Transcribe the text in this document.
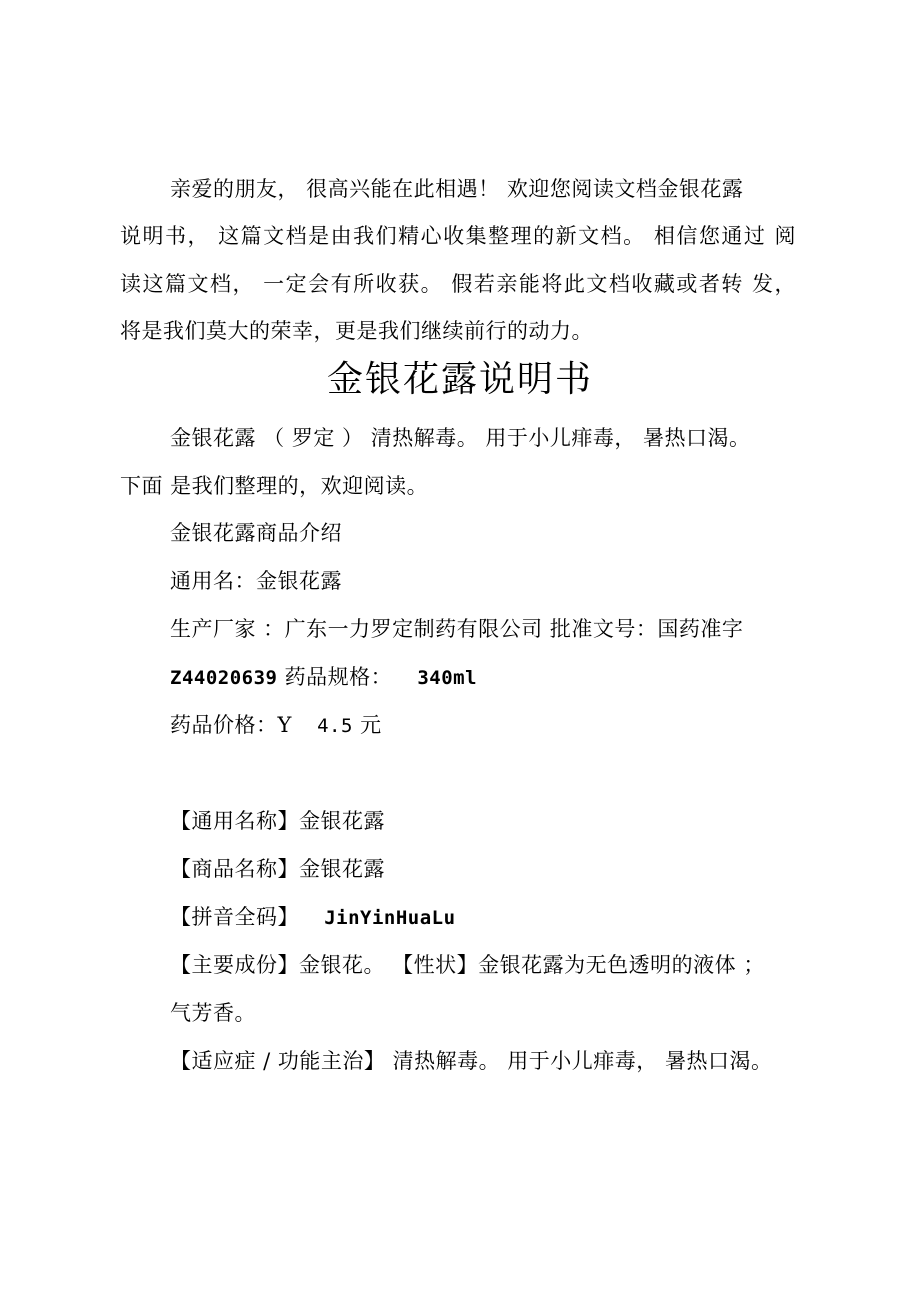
亲爱的朋友， 很高兴能在此相遇！ 欢迎您阅读文档金银花露
说明书， 这篇文档是由我们精心收集整理的新文档。 相信您通过 阅
读这篇文档， 一定会有所收获。 假若亲能将此文档收藏或者转 发，
将是我们莫大的荣幸，更是我们继续前行的动力。
金银花露说明书
金银花露 （ 罗定 ） 清热解毒。 用于小儿痱毒， 暑热口渴。
下面 是我们整理的，欢迎阅读。
金银花露商品介绍
通用名：金银花露
生产厂家 ：广东一力罗定制药有限公司 批准文号：国药准字
Z44020639 药品规格： 340ml
药品价格：Y 4.5 元
【通用名称】金银花露
【商品名称】金银花露
【拼音全码】 JinYinHuaLu
【主要成份】金银花。 【性状】金银花露为无色透明的液体 ；
气芳香。
【适应症 / 功能主治】 清热解毒。 用于小儿痱毒， 暑热口渴。
